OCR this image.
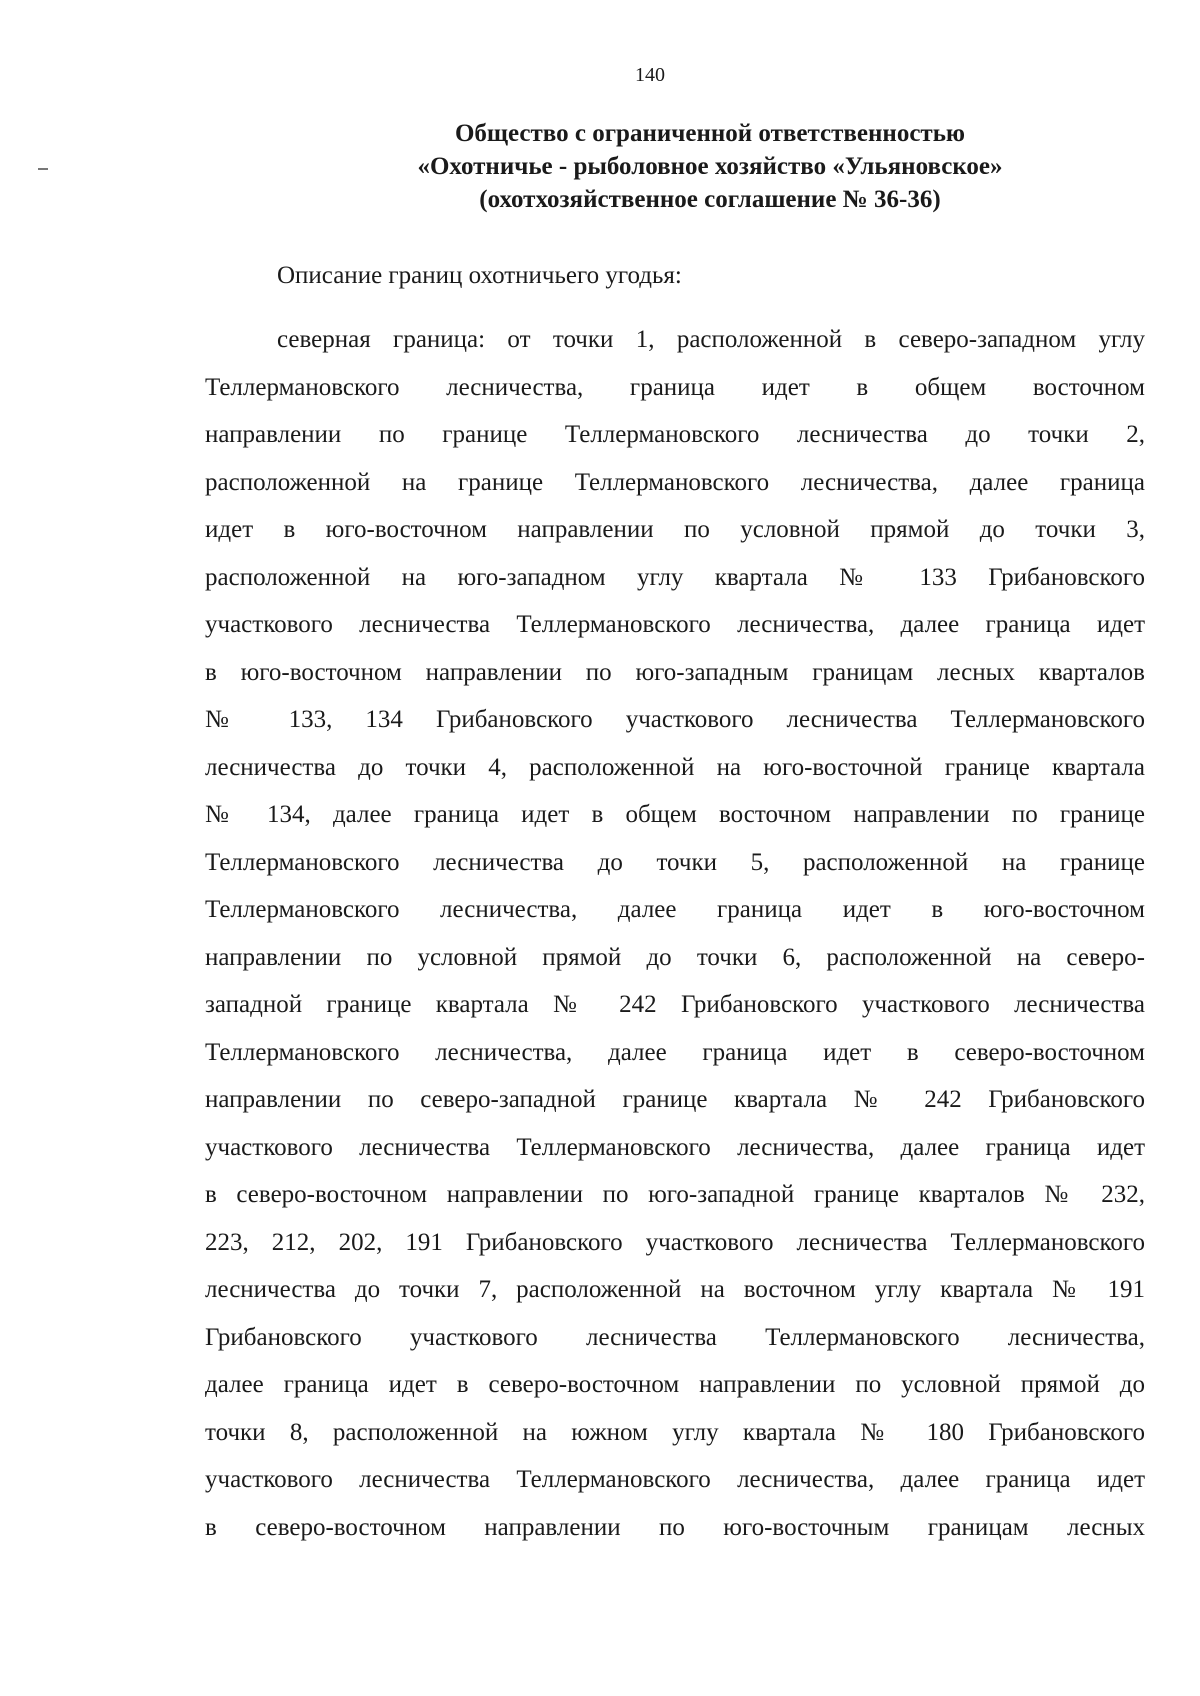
140
Общество с ограниченной ответственностью
«Охотничье - рыболовное хозяйство «Ульяновское»
(охотхозяйственное соглашение № 36-36)
Описание границ охотничьего угодья:
северная граница: от точки 1, расположенной в северо-западном углу
Теллермановского лесничества, граница идет в общем восточном
направлении по границе Теллермановского лесничества до точки 2,
расположенной на границе Теллермановского лесничества, далее граница
идет в юго-восточном направлении по условной прямой до точки 3,
расположенной на юго-западном углу квартала № 133 Грибановского
участкового лесничества Теллермановского лесничества, далее граница идет
в юго-восточном направлении по юго-западным границам лесных кварталов
№ 133, 134 Грибановского участкового лесничества Теллермановского
лесничества до точки 4, расположенной на юго-восточной границе квартала
№ 134, далее граница идет в общем восточном направлении по границе
Теллермановского лесничества до точки 5, расположенной на границе
Теллермановского лесничества, далее граница идет в юго-восточном
направлении по условной прямой до точки 6, расположенной на северо-
западной границе квартала № 242 Грибановского участкового лесничества
Теллермановского лесничества, далее граница идет в северо-восточном
направлении по северо-западной границе квартала № 242 Грибановского
участкового лесничества Теллермановского лесничества, далее граница идет
в северо-восточном направлении по юго-западной границе кварталов № 232,
223, 212, 202, 191 Грибановского участкового лесничества Теллермановского
лесничества до точки 7, расположенной на восточном углу квартала № 191
Грибановского участкового лесничества Теллермановского лесничества,
далее граница идет в северо-восточном направлении по условной прямой до
точки 8, расположенной на южном углу квартала № 180 Грибановского
участкового лесничества Теллермановского лесничества, далее граница идет
в северо-восточном направлении по юго-восточным границам лесных
